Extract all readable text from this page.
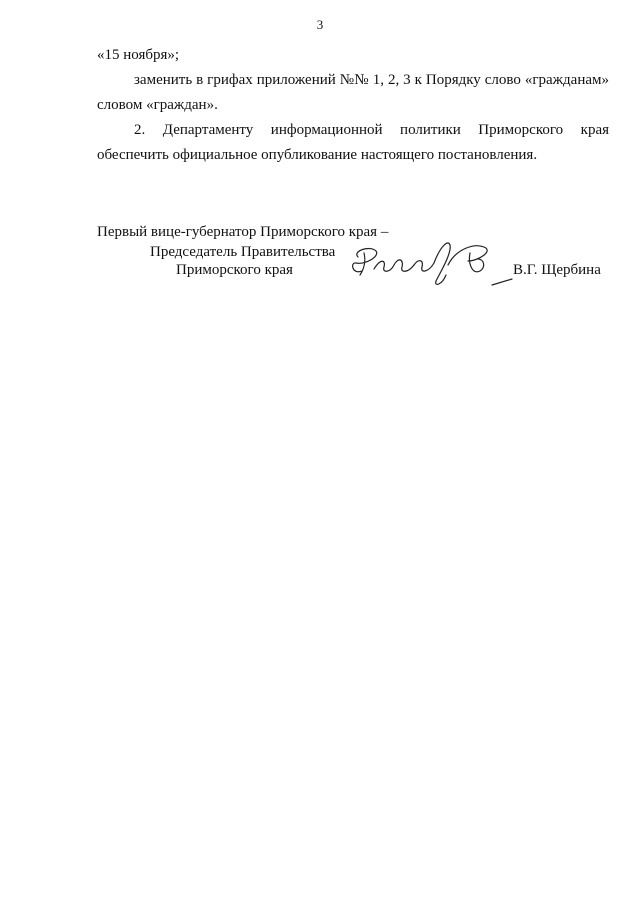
3

«15 ноября»;

заменить в грифах приложений №№ 1, 2, 3 к Порядку слово «гражданам» словом «граждан».

2. Департаменту информационной политики Приморского края обеспечить официальное опубликование настоящего постановления.

Первый вице-губернатор Приморского края –
Председатель Правительства
Приморского края	В.Г. Щербина
